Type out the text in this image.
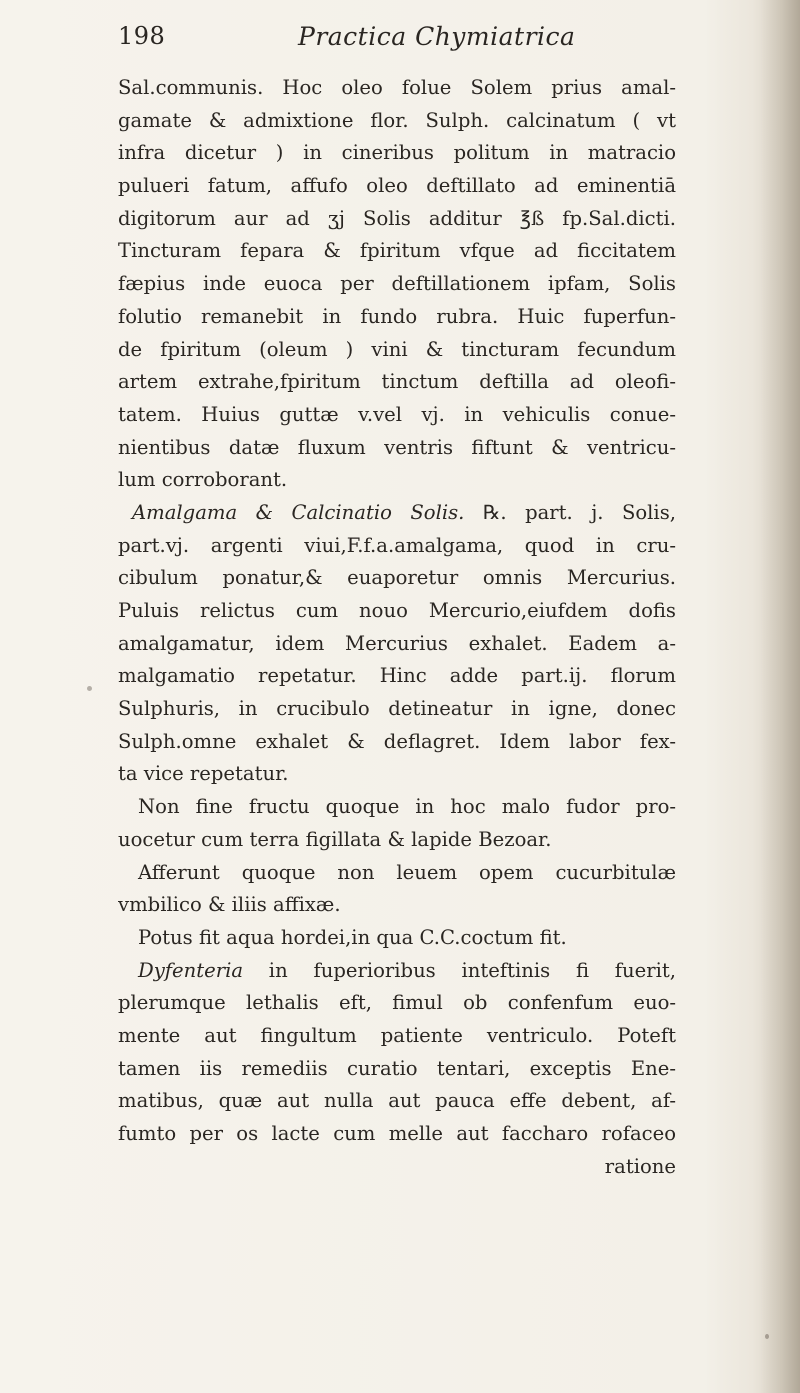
198	Practica Chymiatrica
Sal.communis. Hoc oleo folue Solem prius amal-
gamate & admixtione flor. Sulph. calcinatum ( vt
infra dicetur ) in cineribus politum in matracio
pulueri fatum, affufo oleo deftillato ad eminentiā
digitorum aur ad ʒj Solis additur ℥ß fp.Sal.dicti.
Tincturam fepara & fpiritum vfque ad ficcitatem
fæpius inde euoca per deftillationem ipfam, Solis
folutio remanebit in fundo rubra. Huic fuperfun-
de fpiritum (oleum ) vini & tincturam fecundum
artem extrahe,fpiritum tinctum deftilla ad oleofi-
tatem. Huius guttæ v.vel vj. in vehiculis conue-
nientibus datæ fluxum ventris fiftunt & ventricu-
lum corroborant.
Amalgama & Calcinatio Solis. ℞. part. j. Solis,
part.vj. argenti viui,F.f.a.amalgama, quod in cru-
cibulum ponatur,& euaporetur omnis Mercurius.
Puluis relictus cum nouo Mercurio,eiufdem dofis
amalgamatur, idem Mercurius exhalet. Eadem a-
malgamatio repetatur. Hinc adde part.ij. florum
Sulphuris, in crucibulo detineatur in igne, donec
Sulph.omne exhalet & deflagret. Idem labor fex-
ta vice repetatur.
Non fine fructu quoque in hoc malo fudor pro-
uocetur cum terra figillata & lapide Bezoar.
Afferunt quoque non leuem opem cucurbitulæ
vmbilico & iliis affixæ.
Potus fit aqua hordei,in qua C.C.coctum fit.
Dyfenteria in fuperioribus inteftinis fi fuerit,
plerumque lethalis eft, fimul ob confenfum euo-
mente aut fingultum patiente ventriculo. Poteft
tamen iis remediis curatio tentari, exceptis Ene-
matibus, quæ aut nulla aut pauca effe debent, af-
fumto per os lacte cum melle aut faccharo rofaceo
ratione
